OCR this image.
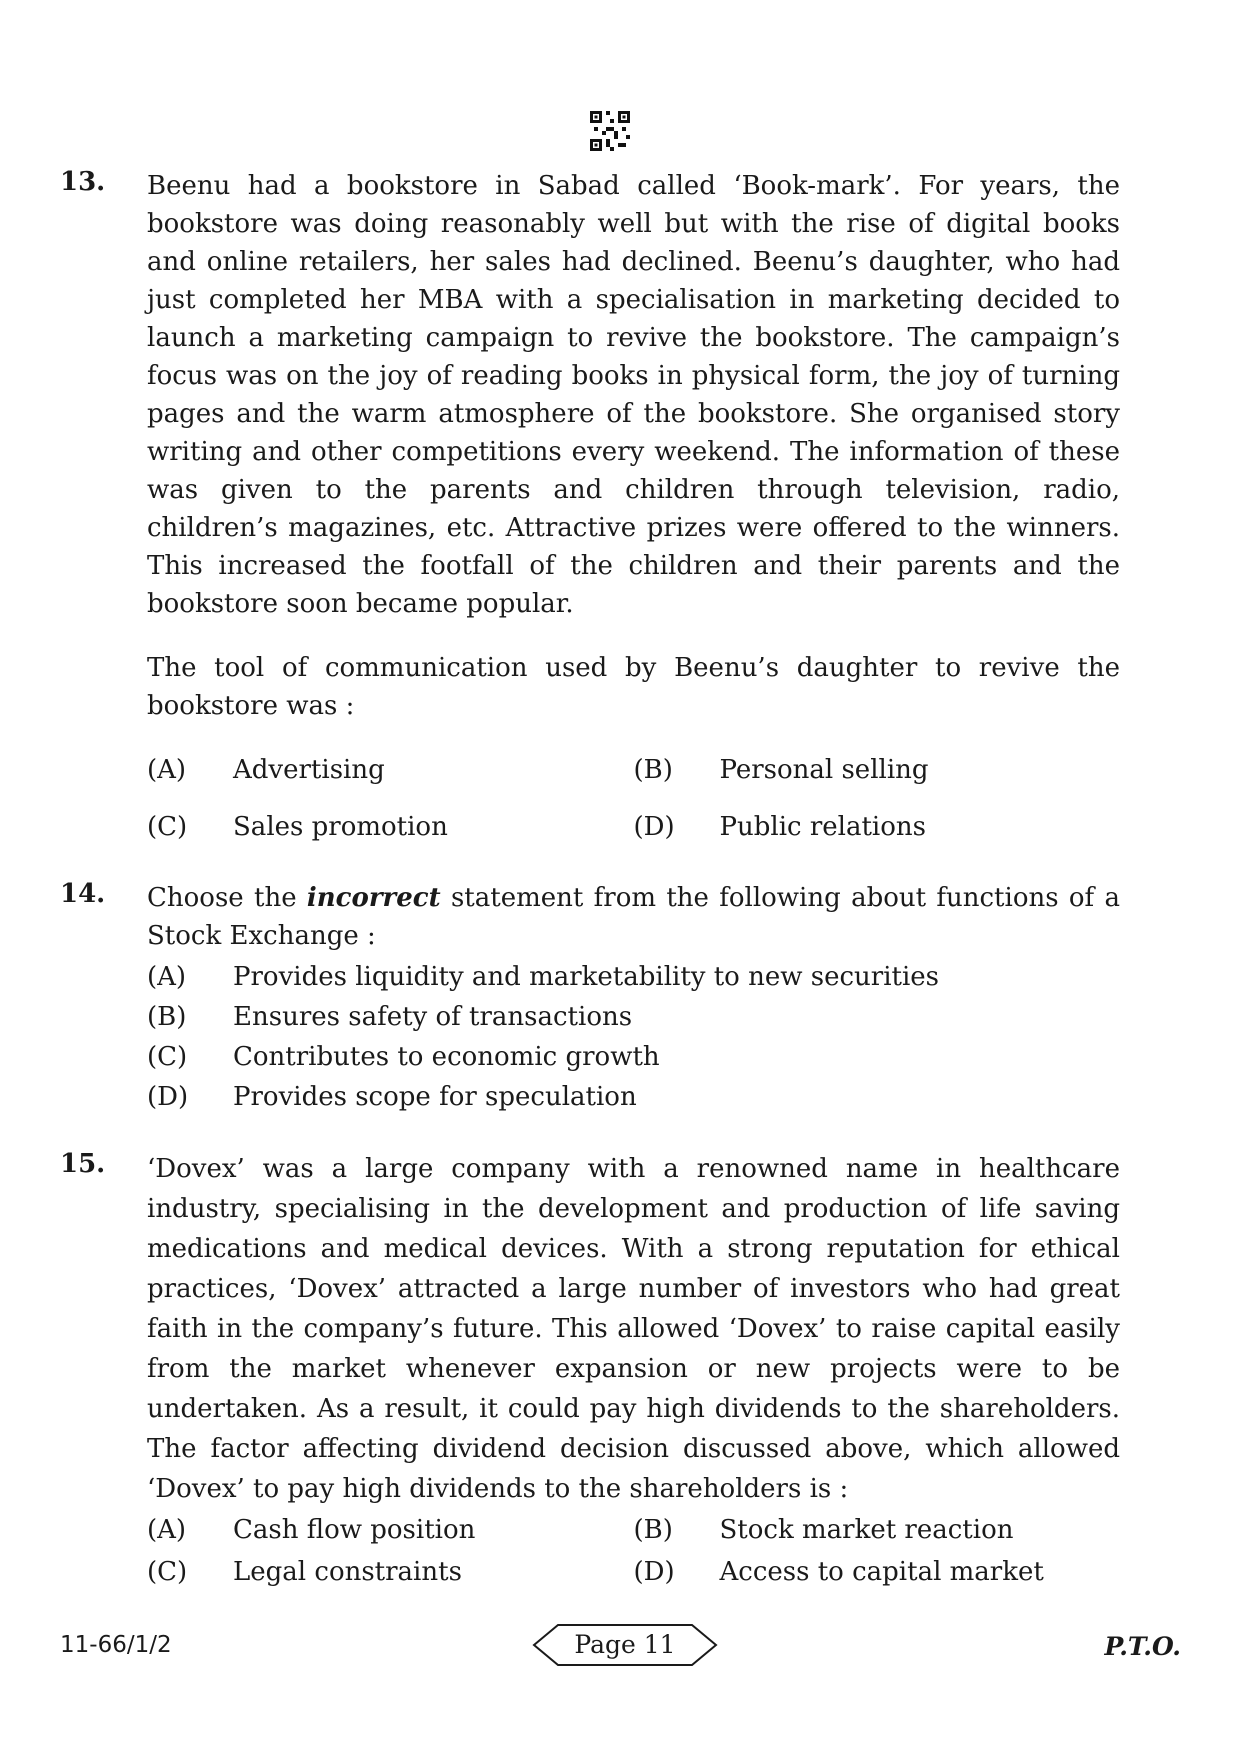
13. Beenu had a bookstore in Sabad called ‘Book-mark’. For years, the bookstore was doing reasonably well but with the rise of digital books and online retailers, her sales had declined. Beenu’s daughter, who had just completed her MBA with a specialisation in marketing decided to launch a marketing campaign to revive the bookstore. The campaign’s focus was on the joy of reading books in physical form, the joy of turning pages and the warm atmosphere of the bookstore. She organised story writing and other competitions every weekend. The information of these was given to the parents and children through television, radio, children’s magazines, etc. Attractive prizes were offered to the winners. This increased the footfall of the children and their parents and the bookstore soon became popular.

The tool of communication used by Beenu’s daughter to revive the bookstore was :

(A)	Advertising	(B)	Personal selling
(C)	Sales promotion	(D)	Public relations
14. Choose the incorrect statement from the following about functions of a Stock Exchange :

(A)	Provides liquidity and marketability to new securities
(B)	Ensures safety of transactions
(C)	Contributes to economic growth
(D)	Provides scope for speculation
15. ‘Dovex’ was a large company with a renowned name in healthcare industry, specialising in the development and production of life saving medications and medical devices. With a strong reputation for ethical practices, ‘Dovex’ attracted a large number of investors who had great faith in the company’s future. This allowed ‘Dovex’ to raise capital easily from the market whenever expansion or new projects were to be undertaken. As a result, it could pay high dividends to the shareholders. The factor affecting dividend decision discussed above, which allowed ‘Dovex’ to pay high dividends to the shareholders is :

(A)	Cash flow position	(B)	Stock market reaction
(C)	Legal constraints	(D)	Access to capital market
11-66/1/2	Page 11	P.T.O.
